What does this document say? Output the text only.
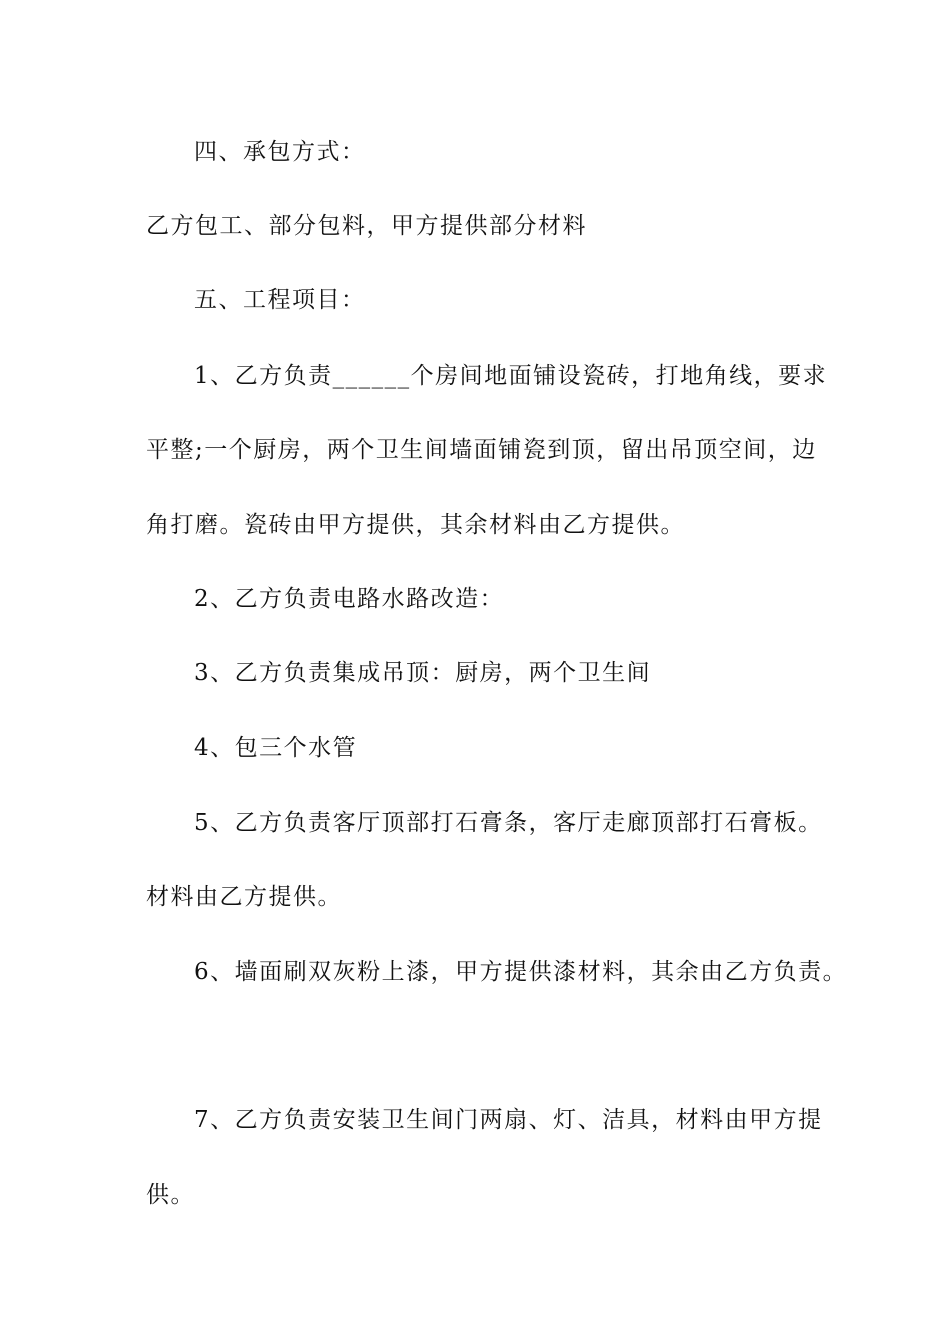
四、承包方式：
乙方包工、部分包料，甲方提供部分材料
五、工程项目：
1、乙方负责______个房间地面铺设瓷砖，打地角线，要求
平整;一个厨房，两个卫生间墙面铺瓷到顶，留出吊顶空间，边
角打磨。瓷砖由甲方提供，其余材料由乙方提供。
2、乙方负责电路水路改造：
3、乙方负责集成吊顶：厨房，两个卫生间
4、包三个水管
5、乙方负责客厅顶部打石膏条，客厅走廊顶部打石膏板。
材料由乙方提供。
6、墙面刷双灰粉上漆，甲方提供漆材料，其余由乙方负责。
7、乙方负责安装卫生间门两扇、灯、洁具，材料由甲方提
供。
